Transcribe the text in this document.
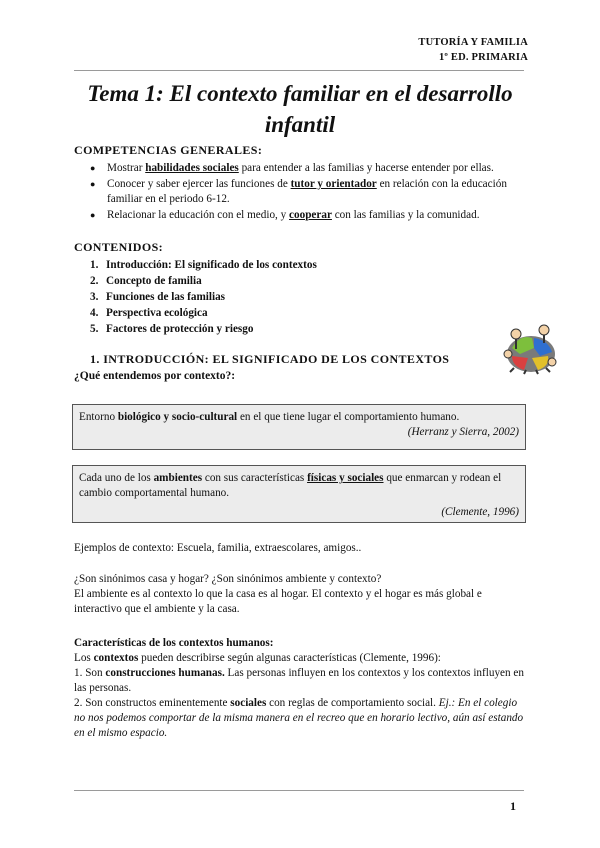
TUTORÍA Y FAMILIA
1º ED. PRIMARIA
Tema 1: El contexto familiar en el desarrollo
infantil
COMPETENCIAS GENERALES:
● Mostrar habilidades sociales para entender a las familias y hacerse entender por ellas.
● Conocer y saber ejercer las funciones de tutor y orientador en relación con la educación familiar en el periodo 6-12.
● Relacionar la educación con el medio, y cooperar con las familias y la comunidad.
CONTENIDOS:
1. Introducción: El significado de los contextos
2. Concepto de familia
3. Funciones de las familias
4. Perspectiva ecológica
5. Factores de protección y riesgo
1. INTRODUCCIÓN: EL SIGNIFICADO DE LOS CONTEXTOS
¿Qué entendemos por contexto?:
Entorno biológico y socio-cultural en el que tiene lugar el comportamiento humano.
(Herranz y Sierra, 2002)
Cada uno de los ambientes con sus características físicas y sociales que enmarcan y rodean el cambio comportamental humano.
(Clemente, 1996)
Ejemplos de contexto: Escuela, familia, extraescolares, amigos..
¿Son sinónimos casa y hogar? ¿Son sinónimos ambiente y contexto?
El ambiente es al contexto lo que la casa es al hogar. El contexto y el hogar es más global e interactivo que el ambiente y la casa.
Características de los contextos humanos:
Los contextos pueden describirse según algunas características (Clemente, 1996):
1. Son construcciones humanas. Las personas influyen en los contextos y los contextos influyen en las personas.
2. Son constructos eminentemente sociales con reglas de comportamiento social. Ej.: En el colegio no nos podemos comportar de la misma manera en el recreo que en horario lectivo, aún así estando en el mismo espacio.
1
